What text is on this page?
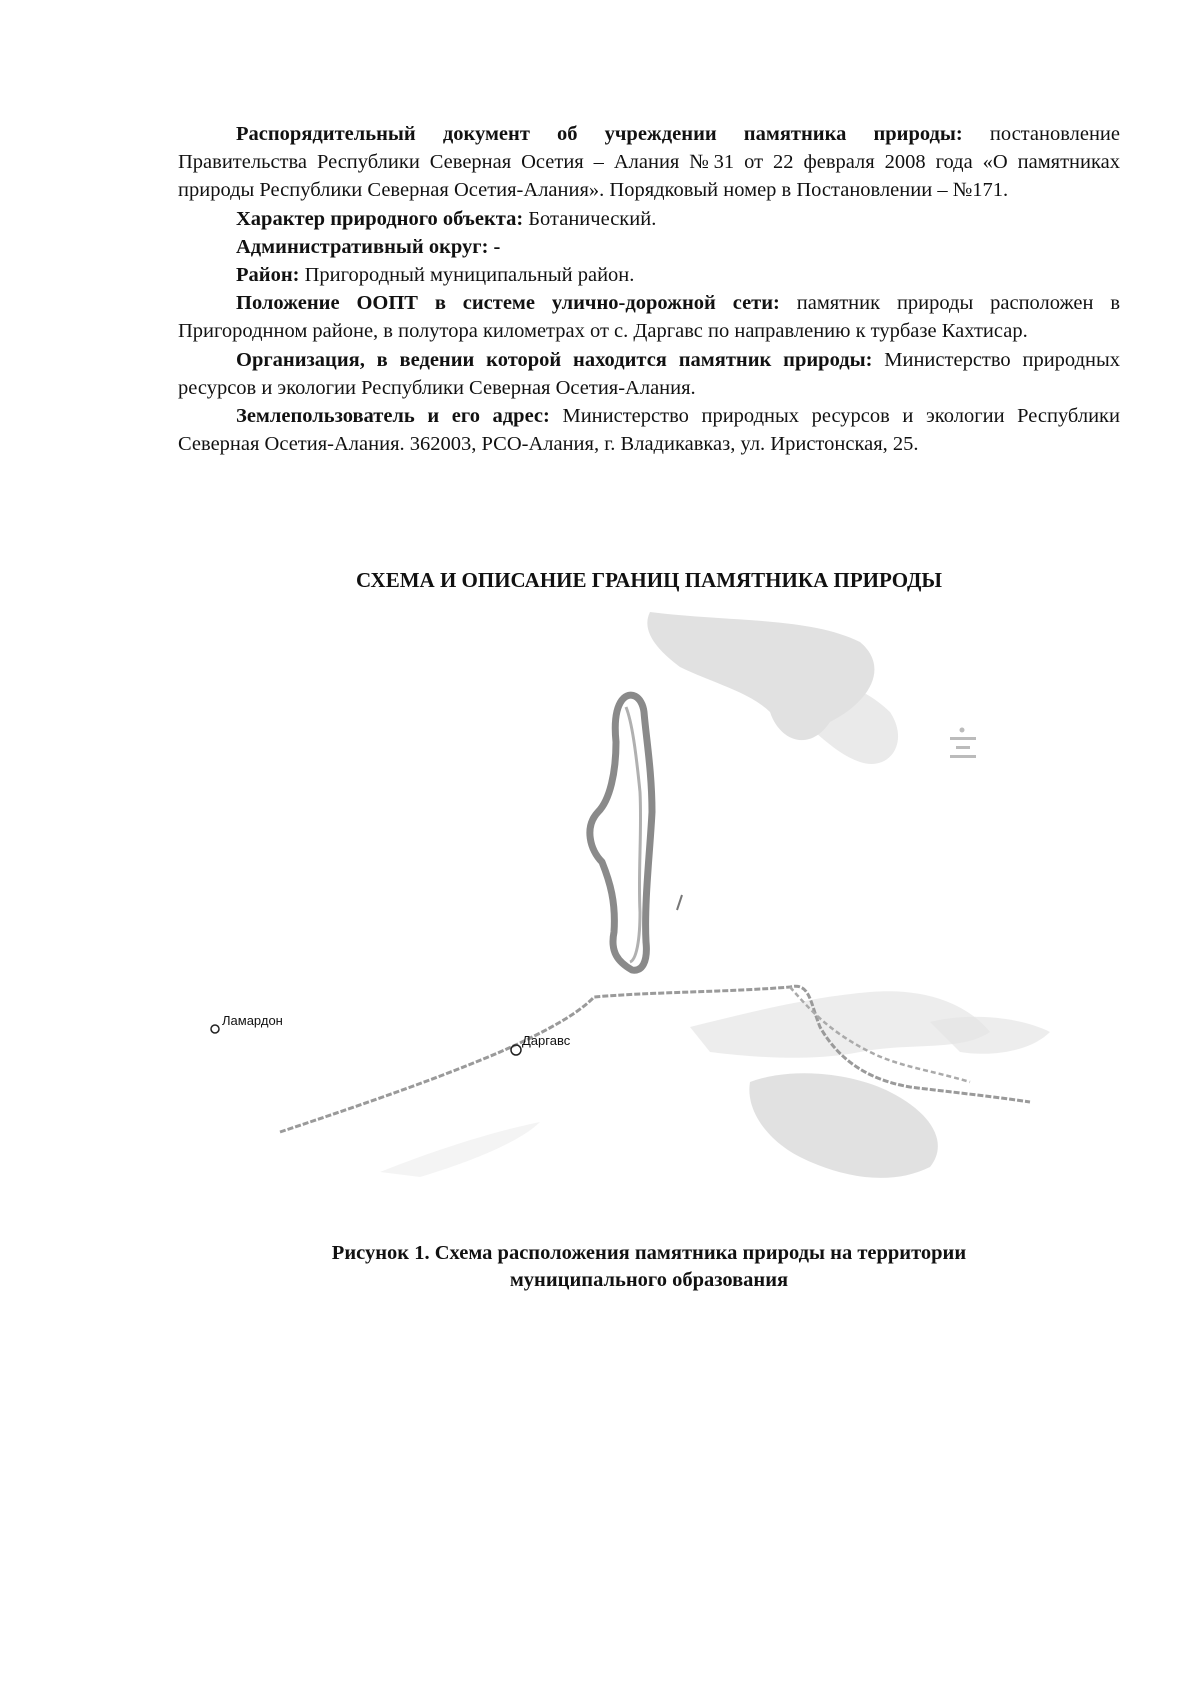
Распорядительный документ об учреждении памятника природы: постановление Правительства Республики Северная Осетия – Алания №31 от 22 февраля 2008 года «О памятниках природы Республики Северная Осетия-Алания». Порядковый номер в Постановлении – №171.

Характер природного объекта: Ботанический.

Административный округ: -

Район: Пригородный муниципальный район.

Положение ООПТ в системе улично-дорожной сети: памятник природы расположен в Пригороднном районе, в полутора километрах от с. Даргавс по направлению к турбазе Кахтисар.

Организация, в ведении которой находится памятник природы: Министерство природных ресурсов и экологии Республики Северная Осетия-Алания.

Землепользователь и его адрес: Министерство природных ресурсов и экологии Республики Северная Осетия-Алания. 362003, РСО-Алания, г. Владикавказ, ул. Иристонская, 25.

СХЕМА И ОПИСАНИЕ ГРАНИЦ ПАМЯТНИКА ПРИРОДЫ
Ламардон
Даргавс
Рисунок 1. Схема расположения памятника природы на территории
муниципального образования
